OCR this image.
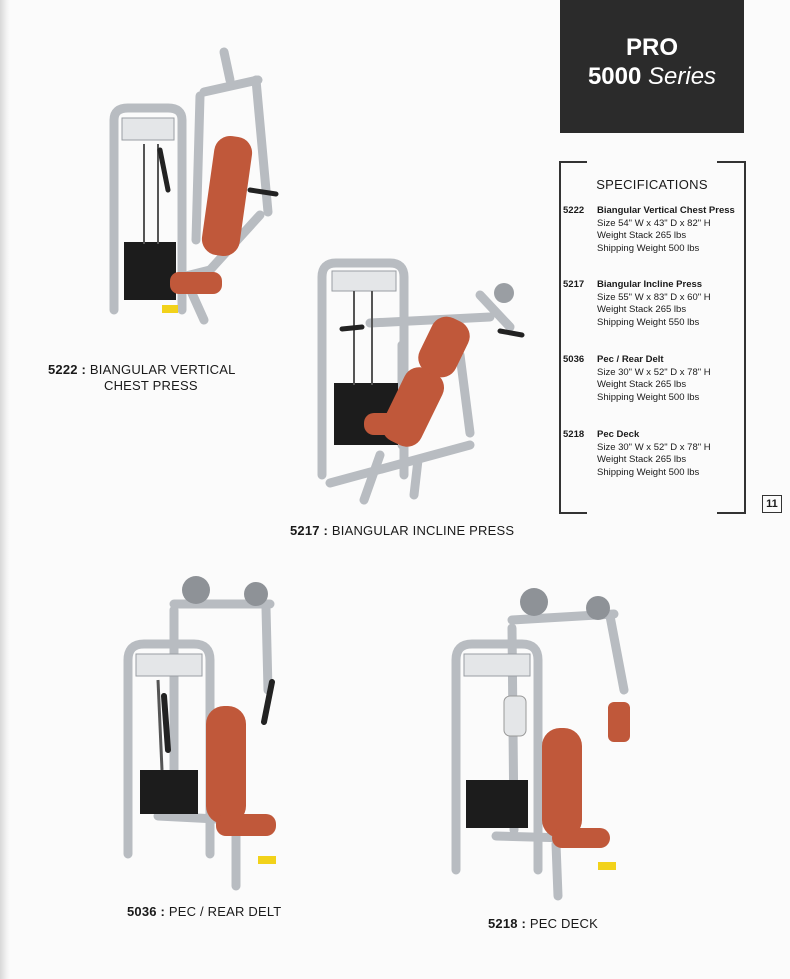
PRO
5000 Series
SPECIFICATIONS
5222 Biangular Vertical Chest Press
Size 54" W x 43" D x 82" H
Weight Stack 265 lbs
Shipping Weight 500 lbs
5217 Biangular Incline Press
Size 55" W x 83" D x 60" H
Weight Stack 265 lbs
Shipping Weight 550 lbs
5036 Pec / Rear Delt
Size 30" W x 52" D x 78" H
Weight Stack 265 lbs
Shipping Weight 500 lbs
5218 Pec Deck
Size 30" W x 52" D x 78" H
Weight Stack 265 lbs
Shipping Weight 500 lbs
11
5222 : BIANGULAR VERTICAL
CHEST PRESS
5217 : BIANGULAR INCLINE PRESS
5036 : PEC / REAR DELT
5218 : PEC DECK
